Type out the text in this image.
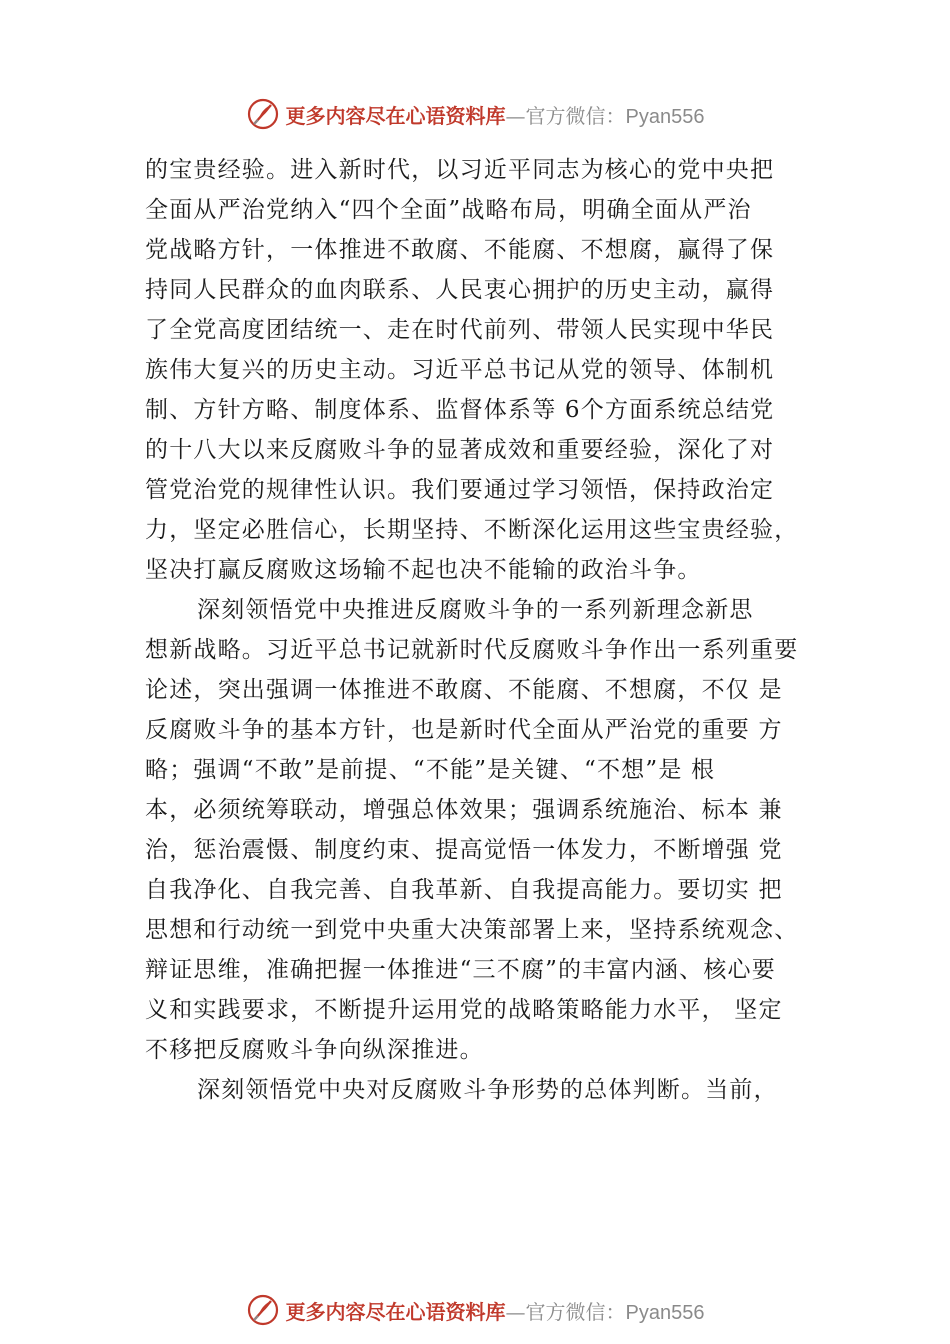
更多内容尽在心语资料库 — 官方微信： Pyan556
的宝贵经验。进入新时代，以习近平同志为核心的党中央把
全面从严治党纳入“四个全面”战略布局，明确全面从严治
党战略方针，一体推进不敢腐、不能腐、不想腐，赢得了保
持同人民群众的血肉联系、人民衷心拥护的历史主动，赢得
了全党高度团结统一、走在时代前列、带领人民实现中华民
族伟大复兴的历史主动。习近平总书记从党的领导、体制机
制、方针方略、制度体系、监督体系等 6个方面系统总结党
的十八大以来反腐败斗争的显著成效和重要经验，深化了对
管党治党的规律性认识。我们要通过学习领悟，保持政治定
力，坚定必胜信心，长期坚持、不断深化运用这些宝贵经验，
坚决打赢反腐败这场输不起也决不能输的政治斗争。
深刻领悟党中央推进反腐败斗争的一系列新理念新思
想新战略。习近平总书记就新时代反腐败斗争作出一系列重要
论述，突出强调一体推进不敢腐、不能腐、不想腐，不仅 是
反腐败斗争的基本方针，也是新时代全面从严治党的重要 方
略；强调“不敢”是前提、“不能”是关键、“不想”是 根
本，必须统筹联动，增强总体效果；强调系统施治、标本 兼
治，惩治震慑、制度约束、提高觉悟一体发力，不断增强 党
自我净化、自我完善、自我革新、自我提高能力。要切实 把
思想和行动统一到党中央重大决策部署上来，坚持系统观念、
辩证思维，准确把握一体推进“三不腐”的丰富内涵、核心要
义和实践要求，不断提升运用党的战略策略能力水平， 坚定
不移把反腐败斗争向纵深推进。
深刻领悟党中央对反腐败斗争形势的总体判断。当前，
更多内容尽在心语资料库 — 官方微信： Pyan556
